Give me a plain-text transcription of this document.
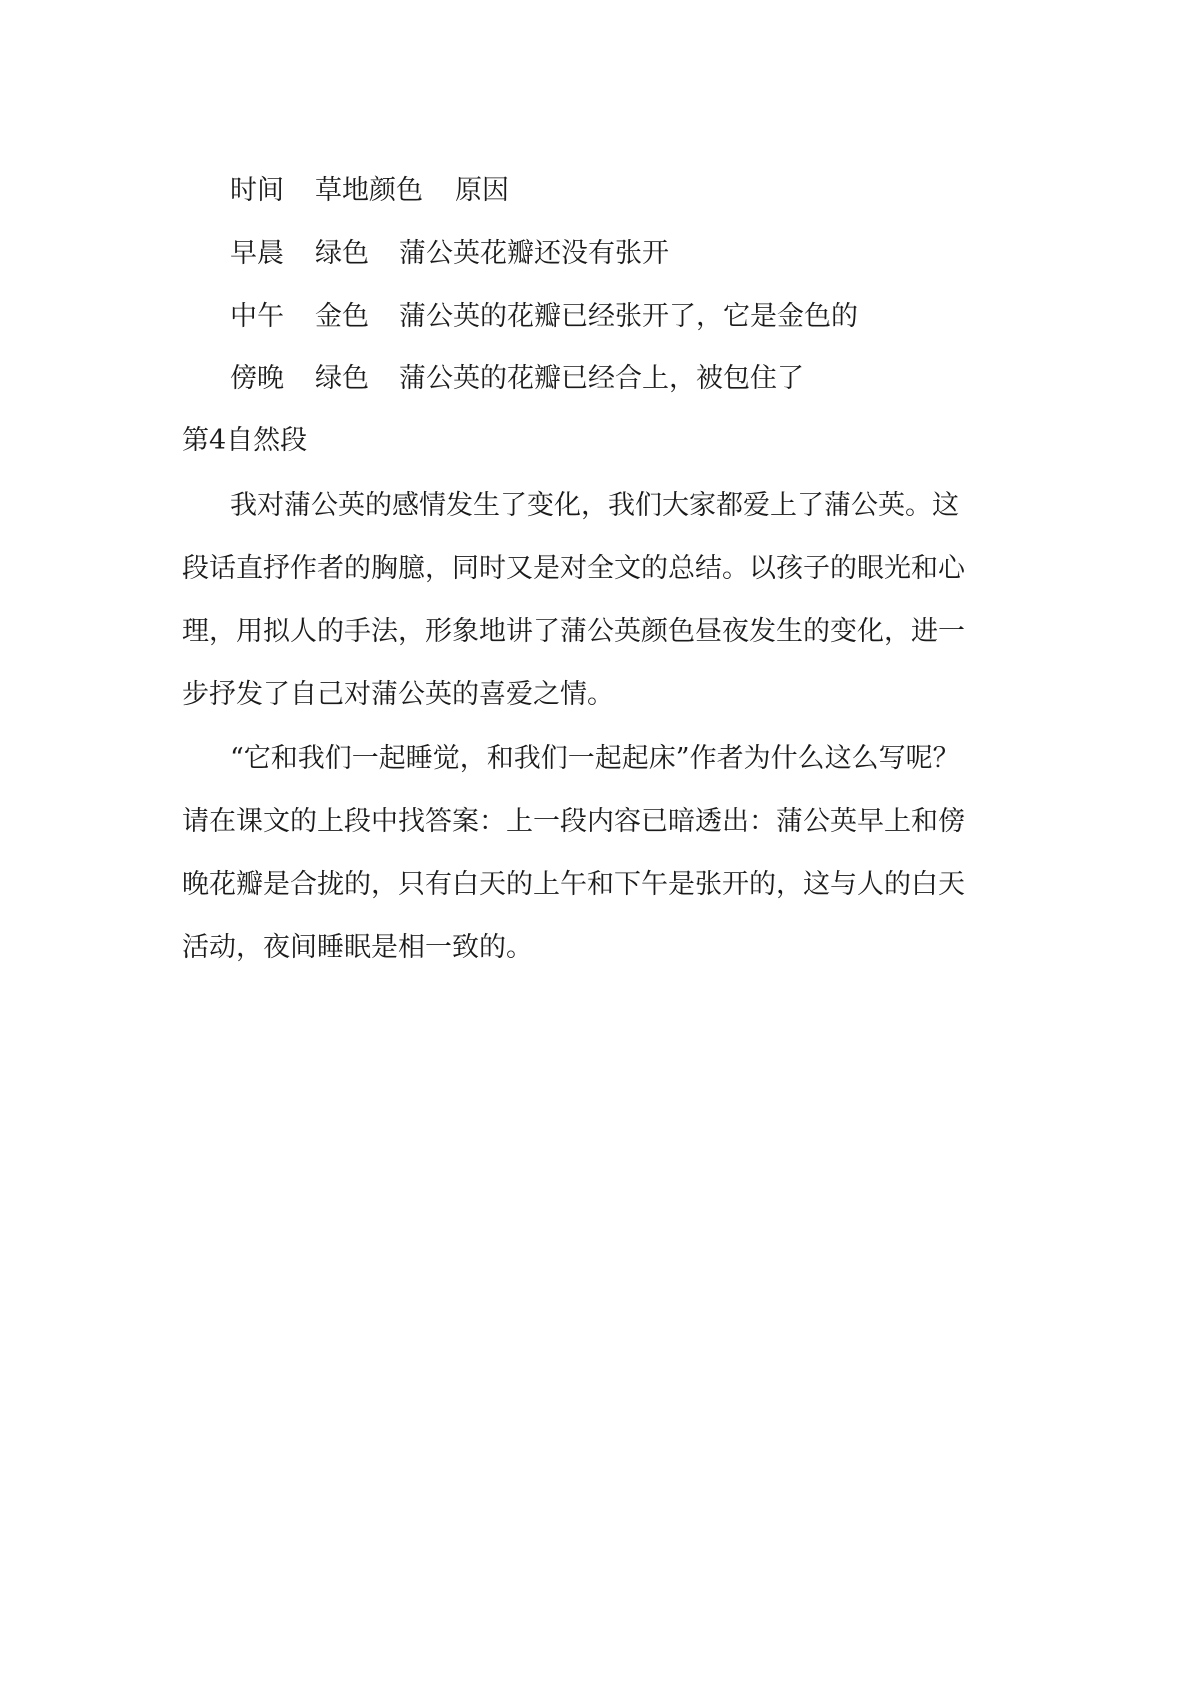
时间 草地颜色 原因
早晨 绿色 蒲公英花瓣还没有张开
中午 金色 蒲公英的花瓣已经张开了，它是金色的
傍晚 绿色 蒲公英的花瓣已经合上，被包住了
第4自然段
我对蒲公英的感情发生了变化，我们大家都爱上了蒲公英。这
段话直抒作者的胸臆，同时又是对全文的总结。以孩子的眼光和心
理，用拟人的手法，形象地讲了蒲公英颜色昼夜发生的变化，进一
步抒发了自己对蒲公英的喜爱之情。
“它和我们一起睡觉，和我们一起起床”作者为什么这么写呢？
请在课文的上段中找答案：上一段内容已暗透出：蒲公英早上和傍
晚花瓣是合拢的，只有白天的上午和下午是张开的，这与人的白天
活动，夜间睡眠是相一致的。
